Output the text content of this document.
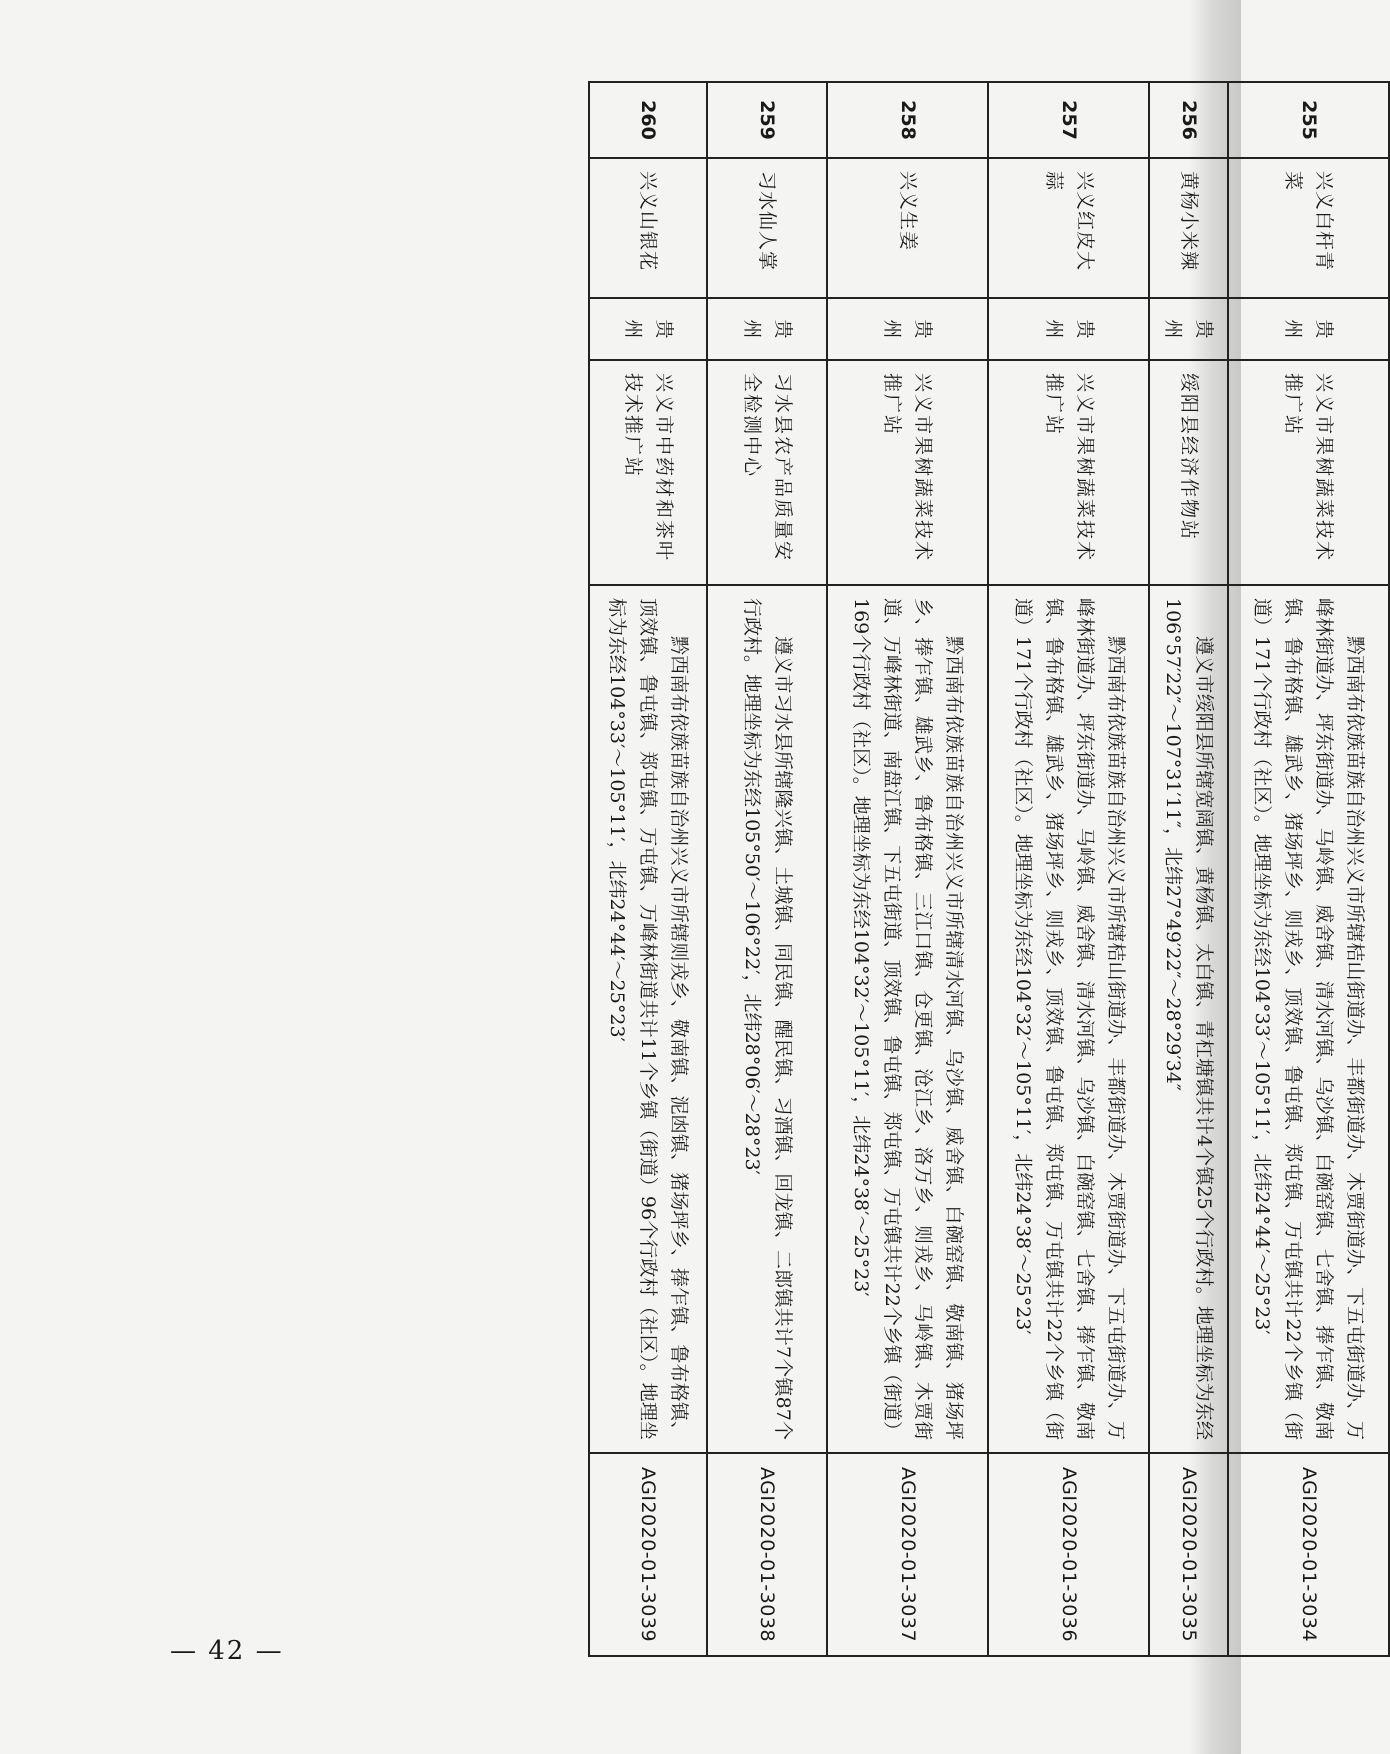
255	兴义白杆青菜	贵州	兴义市果树蔬菜技术推广站	黔西南布依族苗族自治州兴义市所辖桔山街道办、丰都街道办、木贾街道办、下五屯街道办、万峰林街道办、坪东街道办、马岭镇、威舍镇、清水河镇、乌沙镇、白碗窑镇、七舍镇、捧乍镇、敬南镇、鲁布格镇、雄武乡、猪场坪乡、则戎乡、顶效镇、鲁屯镇、郑屯镇、万屯镇共计22个乡镇（街道）171个行政村（社区）。地理坐标为东经104°33′～105°11′，北纬24°44′～25°23′	AGI2020-01-3034
256	黄杨小米辣	贵州	绥阳县经济作物站	遵义市绥阳县所辖宽阔镇、黄杨镇、太白镇、青杠塘镇共计4个镇25个行政村。地理坐标为东经106°57′22″～107°31′11″，北纬27°49′22″～28°29′34″	AGI2020-01-3035
257	兴义红皮大蒜	贵州	兴义市果树蔬菜技术推广站	黔西南布依族苗族自治州兴义市所辖桔山街道办、丰都街道办、木贾街道办、下五屯街道办、万峰林街道办、坪东街道办、马岭镇、威舍镇、清水河镇、乌沙镇、白碗窑镇、七舍镇、捧乍镇、敬南镇、鲁布格镇、雄武乡、猪场坪乡、则戎乡、顶效镇、鲁屯镇、郑屯镇、万屯镇共计22个乡镇（街道）171个行政村（社区）。地理坐标为东经104°32′～105°11′，北纬24°38′～25°23′	AGI2020-01-3036
258	兴义生姜	贵州	兴义市果树蔬菜技术推广站	黔西南布依族苗族自治州兴义市所辖清水河镇、乌沙镇、威舍镇、白碗窑镇、敬南镇、猪场坪乡、捧乍镇、雄武乡、鲁布格镇、三江口镇、仓更镇、沧江乡、洛万乡、则戎乡、马岭镇、木贾街道、万峰林街道、南盘江镇、下五屯街道、顶效镇、鲁屯镇、郑屯镇、万屯镇共计22个乡镇（街道）169个行政村（社区）。地理坐标为东经104°32′～105°11′，北纬24°38′～25°23′	AGI2020-01-3037
259	习水仙人掌	贵州	习水县农产品质量安全检测中心	遵义市习水县所辖隆兴镇、土城镇、同民镇、醒民镇、习酒镇、回龙镇、二郎镇共计7个镇87个行政村。地理坐标为东经105°50′～106°22′，北纬28°06′～28°23′	AGI2020-01-3038
260	兴义山银花	贵州	兴义市中药材和茶叶技术推广站	黔西南布依族苗族自治州兴义市所辖则戎乡、敬南镇、泥凼镇、猪场坪乡、捧乍镇、鲁布格镇、顶效镇、鲁屯镇、郑屯镇、万屯镇、万峰林街道共计11个乡镇（街道）96个行政村（社区）。地理坐标为东经104°33′～105°11′，北纬24°44′～25°23′	AGI2020-01-3039
— 42 —
